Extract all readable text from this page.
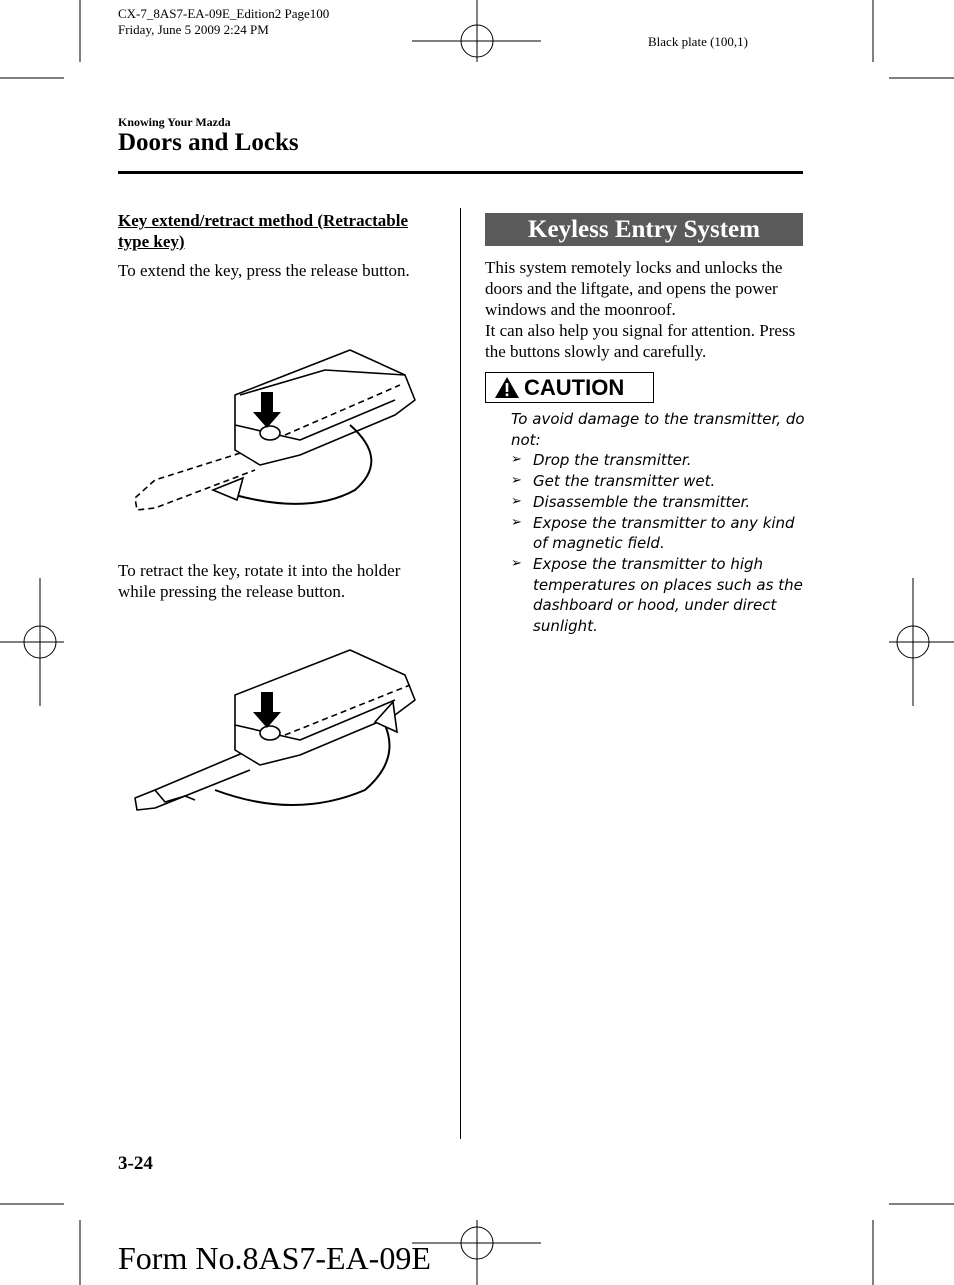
CX-7_8AS7-EA-09E_Edition2 Page100
Friday, June 5 2009 2:24 PM
Black plate (100,1)
Knowing Your Mazda
Doors and Locks
Key extend/retract method (Retractable type key)
To extend the key, press the release button.
To retract the key, rotate it into the holder while pressing the release button.
Keyless Entry System
This system remotely locks and unlocks the doors and the liftgate, and opens the power windows and the moonroof.
It can also help you signal for attention. Press the buttons slowly and carefully.
CAUTION
To avoid damage to the transmitter, do not:
➢ Drop the transmitter.
➢ Get the transmitter wet.
➢ Disassemble the transmitter.
➢ Expose the transmitter to any kind of magnetic field.
➢ Expose the transmitter to high temperatures on places such as the dashboard or hood, under direct sunlight.
3-24
Form No.8AS7-EA-09E
